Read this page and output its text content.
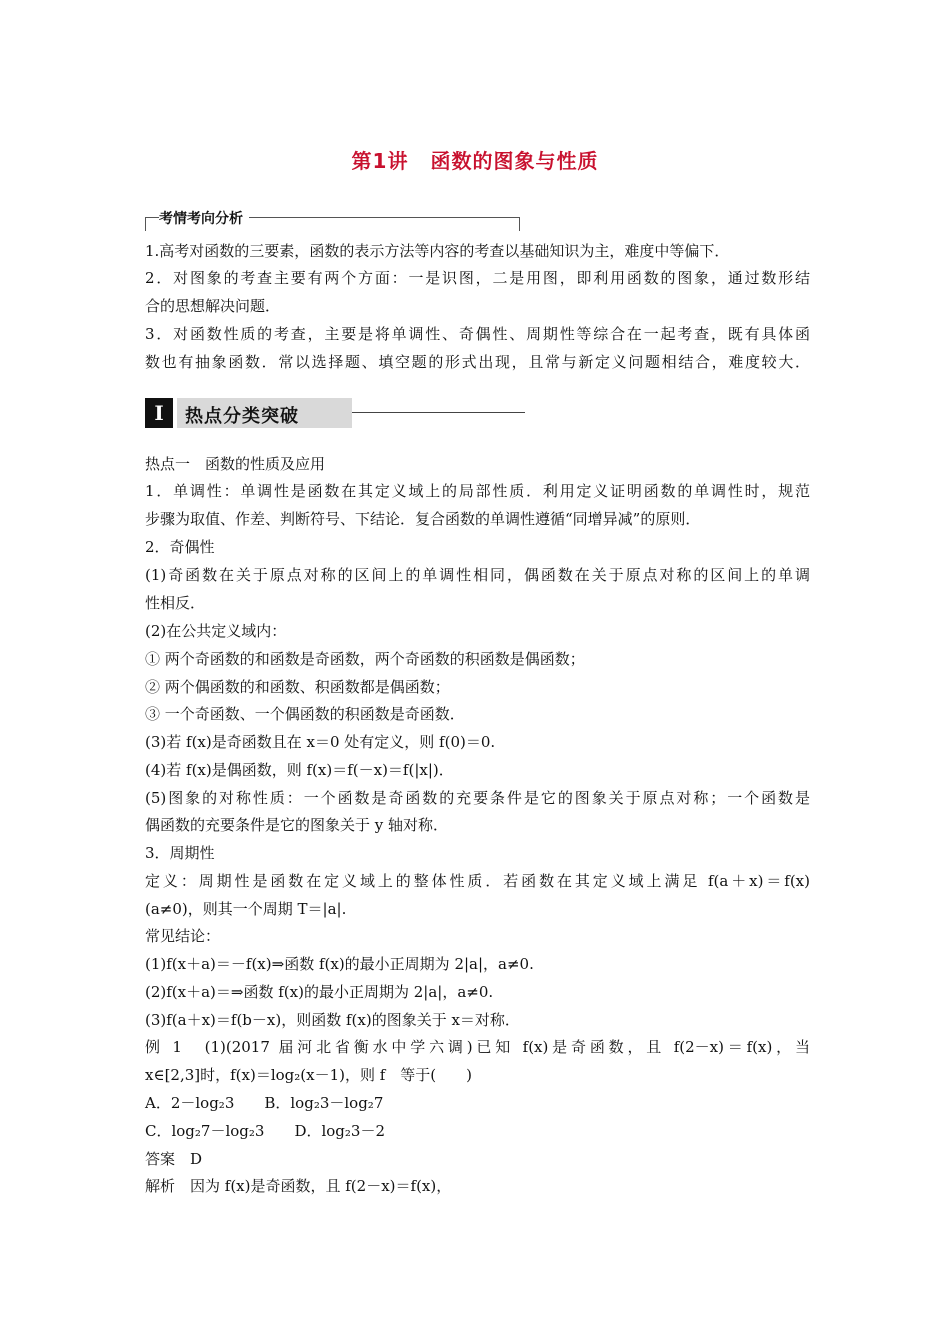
第1讲 函数的图象与性质
考情考向分析
1.高考对函数的三要素，函数的表示方法等内容的考查以基础知识为主，难度中等偏下．
2．对图象的考查主要有两个方面：一是识图，二是用图，即利用函数的图象，通过数形结
合的思想解决问题．
3．对函数性质的考查，主要是将单调性、奇偶性、周期性等综合在一起考查，既有具体函
数也有抽象函数．常以选择题、填空题的形式出现，且常与新定义问题相结合，难度较大．
I	热点分类突破
热点一　函数的性质及应用
1．单调性：单调性是函数在其定义域上的局部性质．利用定义证明函数的单调性时，规范
步骤为取值、作差、判断符号、下结论．复合函数的单调性遵循“同增异减”的原则．
2．奇偶性
(1)奇函数在关于原点对称的区间上的单调性相同，偶函数在关于原点对称的区间上的单调
性相反．
(2)在公共定义域内：
① 两个奇函数的和函数是奇函数，两个奇函数的积函数是偶函数；
② 两个偶函数的和函数、积函数都是偶函数；
③ 一个奇函数、一个偶函数的积函数是奇函数．
(3)若 f(x)是奇函数且在 x＝0 处有定义，则 f(0)＝0.
(4)若 f(x)是偶函数，则 f(x)＝f(－x)＝f(|x|)．
(5)图象的对称性质：一个函数是奇函数的充要条件是它的图象关于原点对称；一个函数是
偶函数的充要条件是它的图象关于 y 轴对称．
3．周期性
定义：周期性是函数在定义域上的整体性质．若函数在其定义域上满足 f(a＋x)＝f(x)
(a≠0)，则其一个周期 T＝|a|.
常见结论：
(1)f(x＋a)＝－f(x)⇒函数 f(x)的最小正周期为 2|a|，a≠0.
(2)f(x＋a)＝⇒函数 f(x)的最小正周期为 2|a|，a≠0.
(3)f(a＋x)＝f(b－x)，则函数 f(x)的图象关于 x＝对称．
例 1　(1)(2017 届河北省衡水中学六调)已知 f(x)是奇函数，且 f(2－x)＝f(x)，当
x∈[2,3]时，f(x)＝log₂(x－1)，则 f　等于(　　)
A．2－log₂3　　B．log₂3－log₂7
C．log₂7－log₂3　　D．log₂3－2
答案　D
解析　因为 f(x)是奇函数，且 f(2－x)＝f(x)，
